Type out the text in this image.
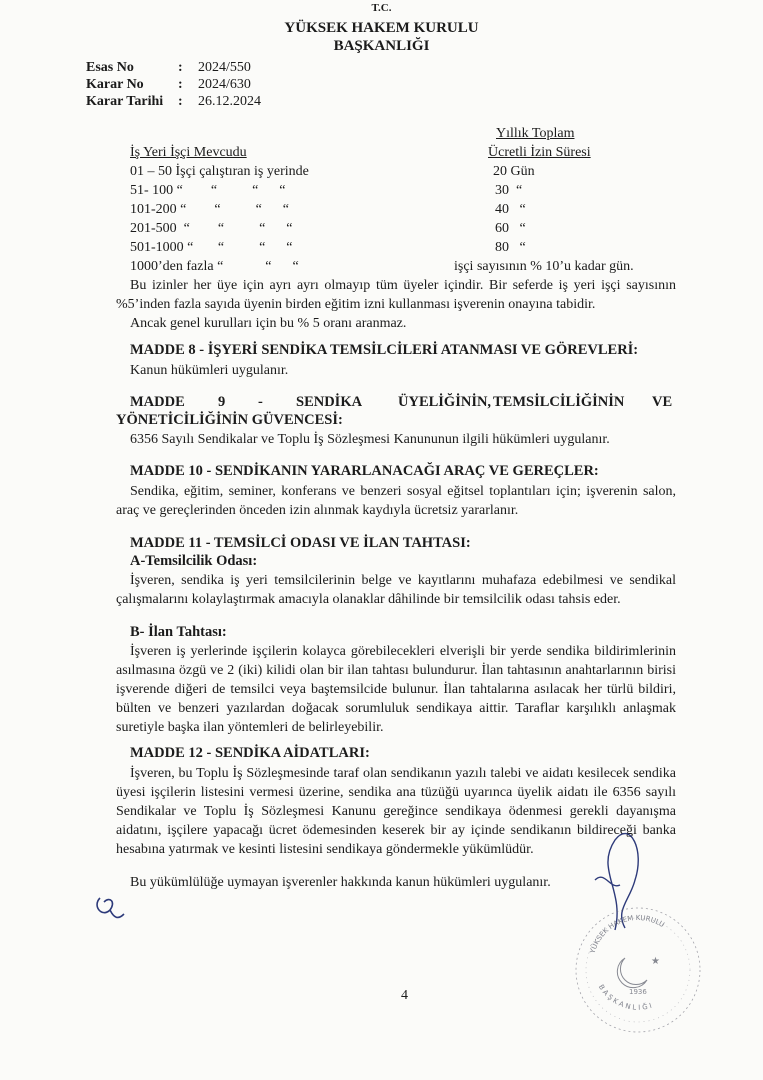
T.C.
YÜKSEK HAKEM KURULU
BAŞKANLIĞI
Esas No	: 2024/550
Karar No : 2024/630
Karar Tarihi : 26.12.2024
Yıllık Toplam
İş Yeri İşçi Mevcudu	Ücretli İzin Süresi
01 – 50 İşçi çalıştıran iş yerinde	20 Gün
51- 100 “        “          “      “	30  “
101-200 “        “          “      “	40   “
201-500  “        “          “      “	60   “
501-1000 “       “          “      “	80   “
1000’den fazla “            “      “	işçi sayısının % 10’u kadar gün.
Bu izinler her üye için ayrı ayrı olmayıp tüm üyeler içindir. Bir seferde iş yeri işçi sayısının %5’inden fazla sayıda üyenin birden eğitim izni kullanması işverenin onayına tabidir.
Ancak genel kurulları için bu % 5 oranı aranmaz.
MADDE 8 - İŞYERİ SENDİKA TEMSİLCİLERİ ATANMASI VE GÖREVLERİ:
Kanun hükümleri uygulanır.
MADDE 9 - SENDİKA ÜYELİĞİNİN, TEMSİLCİLİĞİNİN VE
YÖNETİCİLİĞİNİN GÜVENCESİ:
6356 Sayılı Sendikalar ve Toplu İş Sözleşmesi Kanununun ilgili hükümleri uygulanır.
MADDE 10 - SENDİKANIN YARARLANACAĞI ARAÇ VE GEREÇLER:
Sendika, eğitim, seminer, konferans ve benzeri sosyal eğitsel toplantıları için; işverenin salon, araç ve gereçlerinden önceden izin alınmak kaydıyla ücretsiz yararlanır.
MADDE 11 - TEMSİLCİ ODASI VE İLAN TAHTASI:
A-Temsilcilik Odası:
İşveren, sendika iş yeri temsilcilerinin belge ve kayıtlarını muhafaza edebilmesi ve sendikal çalışmalarını kolaylaştırmak amacıyla olanaklar dâhilinde bir temsilcilik odası tahsis eder.
B- İlan Tahtası:
İşveren iş yerlerinde işçilerin kolayca görebilecekleri elverişli bir yerde sendika bildirimlerinin asılmasına özgü ve 2 (iki) kilidi olan bir ilan tahtası bulundurur. İlan tahtasının anahtarlarının birisi işverende diğeri de temsilci veya baştemsilcide bulunur. İlan tahtalarına asılacak her türlü bildiri, bülten ve benzeri yazılardan doğacak sorumluluk sendikaya aittir. Taraflar karşılıklı anlaşmak suretiyle başka ilan yöntemleri de belirleyebilir.
MADDE 12 - SENDİKA AİDATLARI:
İşveren, bu Toplu İş Sözleşmesinde taraf olan sendikanın yazılı talebi ve aidatı kesilecek sendika üyesi işçilerin listesini vermesi üzerine, sendika ana tüzüğü uyarınca üyelik aidatı ile 6356 sayılı Sendikalar ve Toplu İş Sözleşmesi Kanunu gereğince sendikaya ödenmesi gerekli dayanışma aidatını, işçilere yapacağı ücret ödemesinden keserek bir ay içinde sendikanın bildireceği banka hesabına yatırmak ve kesinti listesini sendikaya göndermekle yükümlüdür.
Bu yükümlülüğe uymayan işverenler hakkında kanun hükümleri uygulanır.
YÜKSEK HAKEM KURULU
B A Ş K A N L I Ğ I
★
1936
4
